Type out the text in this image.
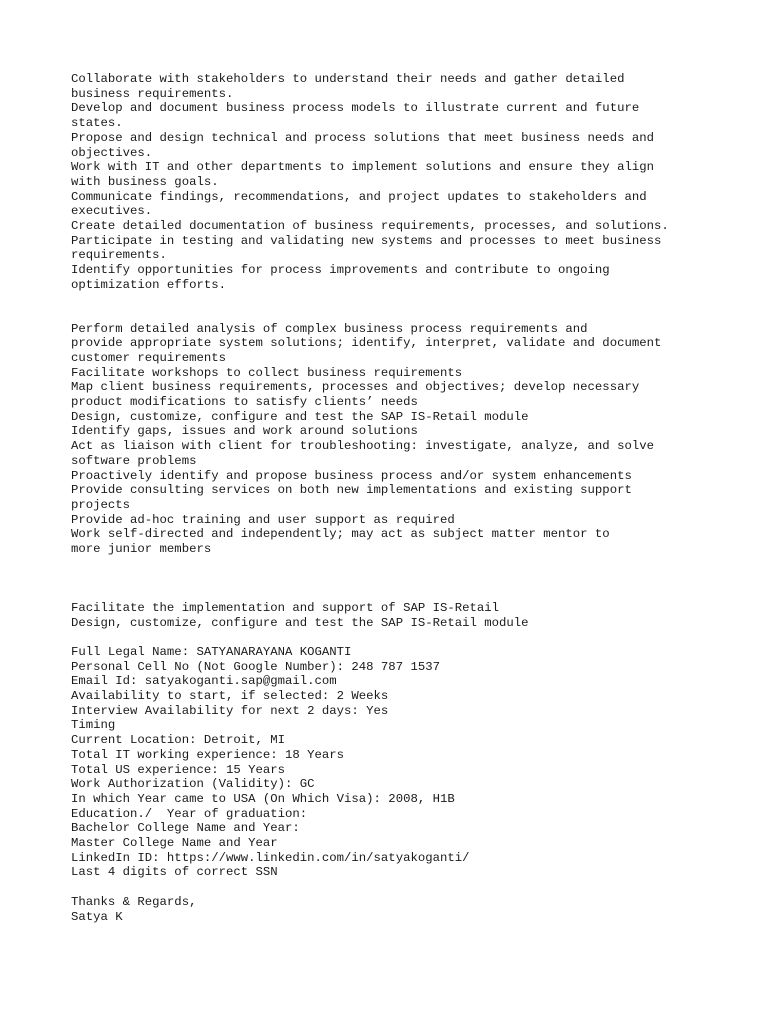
Collaborate with stakeholders to understand their needs and gather detailed
business requirements.
Develop and document business process models to illustrate current and future
states.
Propose and design technical and process solutions that meet business needs and
objectives.
Work with IT and other departments to implement solutions and ensure they align
with business goals.
Communicate findings, recommendations, and project updates to stakeholders and
executives.
Create detailed documentation of business requirements, processes, and solutions.
Participate in testing and validating new systems and processes to meet business
requirements.
Identify opportunities for process improvements and contribute to ongoing
optimization efforts.
Perform detailed analysis of complex business process requirements and
provide appropriate system solutions; identify, interpret, validate and document
customer requirements
Facilitate workshops to collect business requirements
Map client business requirements, processes and objectives; develop necessary
product modifications to satisfy clients’ needs
Design, customize, configure and test the SAP IS-Retail module
Identify gaps, issues and work around solutions
Act as liaison with client for troubleshooting: investigate, analyze, and solve
software problems
Proactively identify and propose business process and/or system enhancements
Provide consulting services on both new implementations and existing support
projects
Provide ad-hoc training and user support as required
Work self-directed and independently; may act as subject matter mentor to
more junior members
Facilitate the implementation and support of SAP IS-Retail
Design, customize, configure and test the SAP IS-Retail module
Full Legal Name: SATYANARAYANA KOGANTI
Personal Cell No (Not Google Number): 248 787 1537
Email Id: satyakoganti.sap@gmail.com
Availability to start, if selected: 2 Weeks
Interview Availability for next 2 days: Yes
Timing
Current Location: Detroit, MI
Total IT working experience: 18 Years
Total US experience: 15 Years
Work Authorization (Validity): GC
In which Year came to USA (On Which Visa): 2008, H1B
Education./  Year of graduation:
Bachelor College Name and Year:
Master College Name and Year
LinkedIn ID: https://www.linkedin.com/in/satyakoganti/
Last 4 digits of correct SSN
Thanks & Regards,
Satya K
